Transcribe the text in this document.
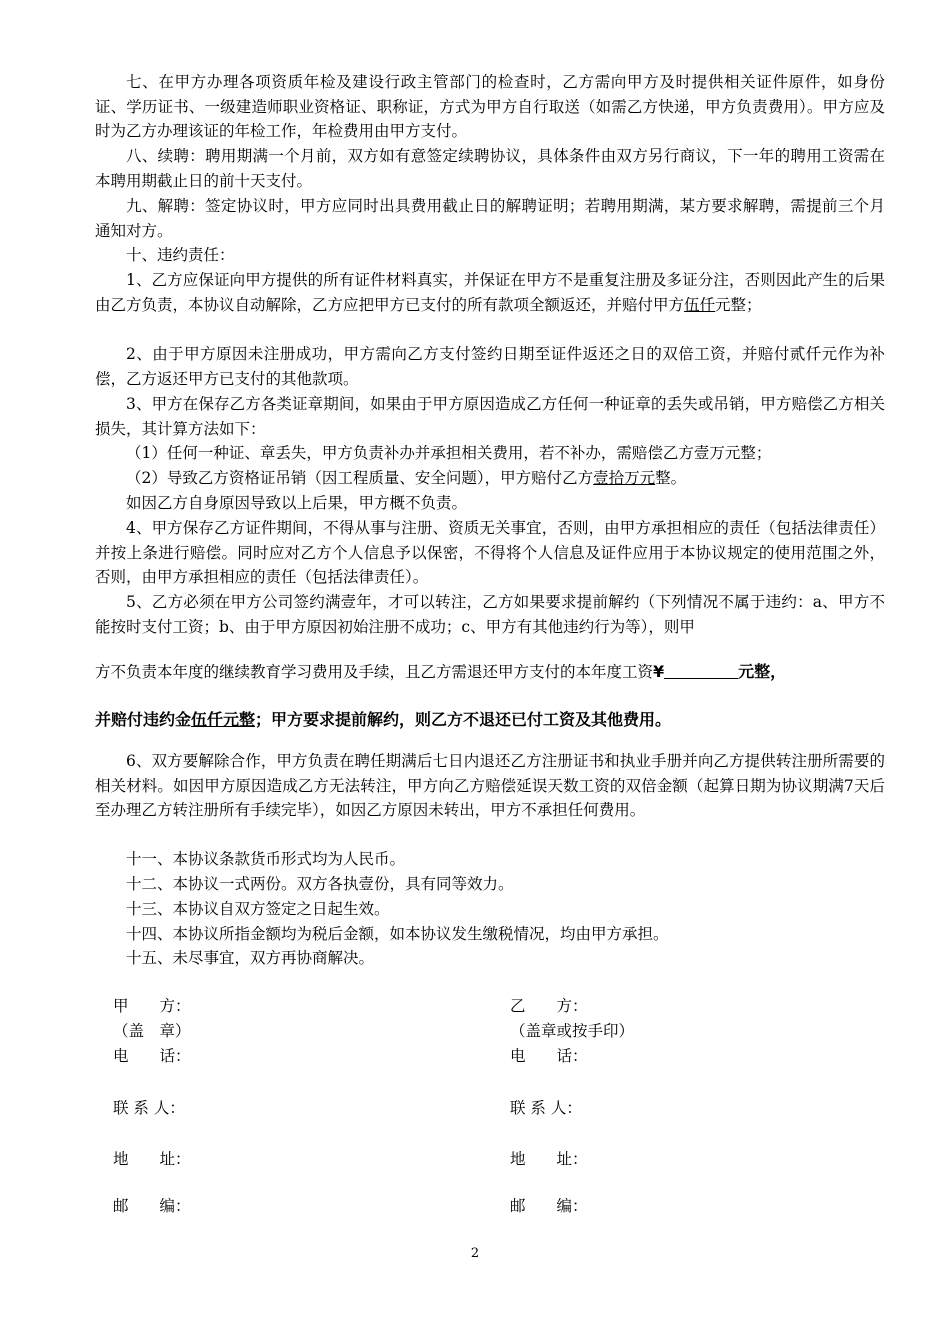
七、在甲方办理各项资质年检及建设行政主管部门的检查时，乙方需向甲方及时提供相关证件原件，如身份证、学历证书、一级建造师职业资格证、职称证，方式为甲方自行取送（如需乙方快递，甲方负责费用）。甲方应及时为乙方办理该证的年检工作，年检费用由甲方支付。

八、续聘：聘用期满一个月前，双方如有意签定续聘协议，具体条件由双方另行商议，下一年的聘用工资需在本聘用期截止日的前十天支付。

九、解聘：签定协议时，甲方应同时出具费用截止日的解聘证明；若聘用期满，某方要求解聘，需提前三个月通知对方。

十、违约责任：

1、乙方应保证向甲方提供的所有证件材料真实，并保证在甲方不是重复注册及多证分注，否则因此产生的后果由乙方负责，本协议自动解除，乙方应把甲方已支付的所有款项全额返还，并赔付甲方伍仟元整；

2、由于甲方原因未注册成功，甲方需向乙方支付签约日期至证件返还之日的双倍工资，并赔付贰仟元作为补偿，乙方返还甲方已支付的其他款项。

3、甲方在保存乙方各类证章期间，如果由于甲方原因造成乙方任何一种证章的丢失或吊销，甲方赔偿乙方相关损失，其计算方法如下：

（1）任何一种证、章丢失，甲方负责补办并承担相关费用，若不补办，需赔偿乙方壹万元整；

（2）导致乙方资格证吊销（因工程质量、安全问题），甲方赔付乙方壹拾万元整。

如因乙方自身原因导致以上后果，甲方概不负责。

4、甲方保存乙方证件期间，不得从事与注册、资质无关事宜，否则，由甲方承担相应的责任（包括法律责任）并按上条进行赔偿。同时应对乙方个人信息予以保密，不得将个人信息及证件应用于本协议规定的使用范围之外，否则，由甲方承担相应的责任（包括法律责任）。

5、乙方必须在甲方公司签约满壹年，才可以转注，乙方如果要求提前解约（下列情况不属于违约：a、甲方不能按时支付工资；b、由于甲方原因初始注册不成功；c、甲方有其他违约行为等），则甲

方不负责本年度的继续教育学习费用及手续，且乙方需退还甲方支付的本年度工资¥	元整，

并赔付违约金伍仟元整；甲方要求提前解约，则乙方不退还已付工资及其他费用。

6、双方要解除合作，甲方负责在聘任期满后七日内退还乙方注册证书和执业手册并向乙方提供转注册所需要的相关材料。如因甲方原因造成乙方无法转注，甲方向乙方赔偿延误天数工资的双倍金额（起算日期为协议期满7天后至办理乙方转注册所有手续完毕），如因乙方原因未转出，甲方不承担任何费用。

十一、本协议条款货币形式均为人民币。

十二、本协议一式两份。双方各执壹份，具有同等效力。

十三、本协议自双方签定之日起生效。

十四、本协议所指金额均为税后金额，如本协议发生缴税情况，均由甲方承担。

十五、未尽事宜，双方再协商解决。

甲　　方：
（盖　章）
电　　话：
联 系 人：
地　　址：
邮　　编：
乙　　方：
（盖章或按手印）
电　　话：
联 系 人：
地　　址：
邮　　编：
2
